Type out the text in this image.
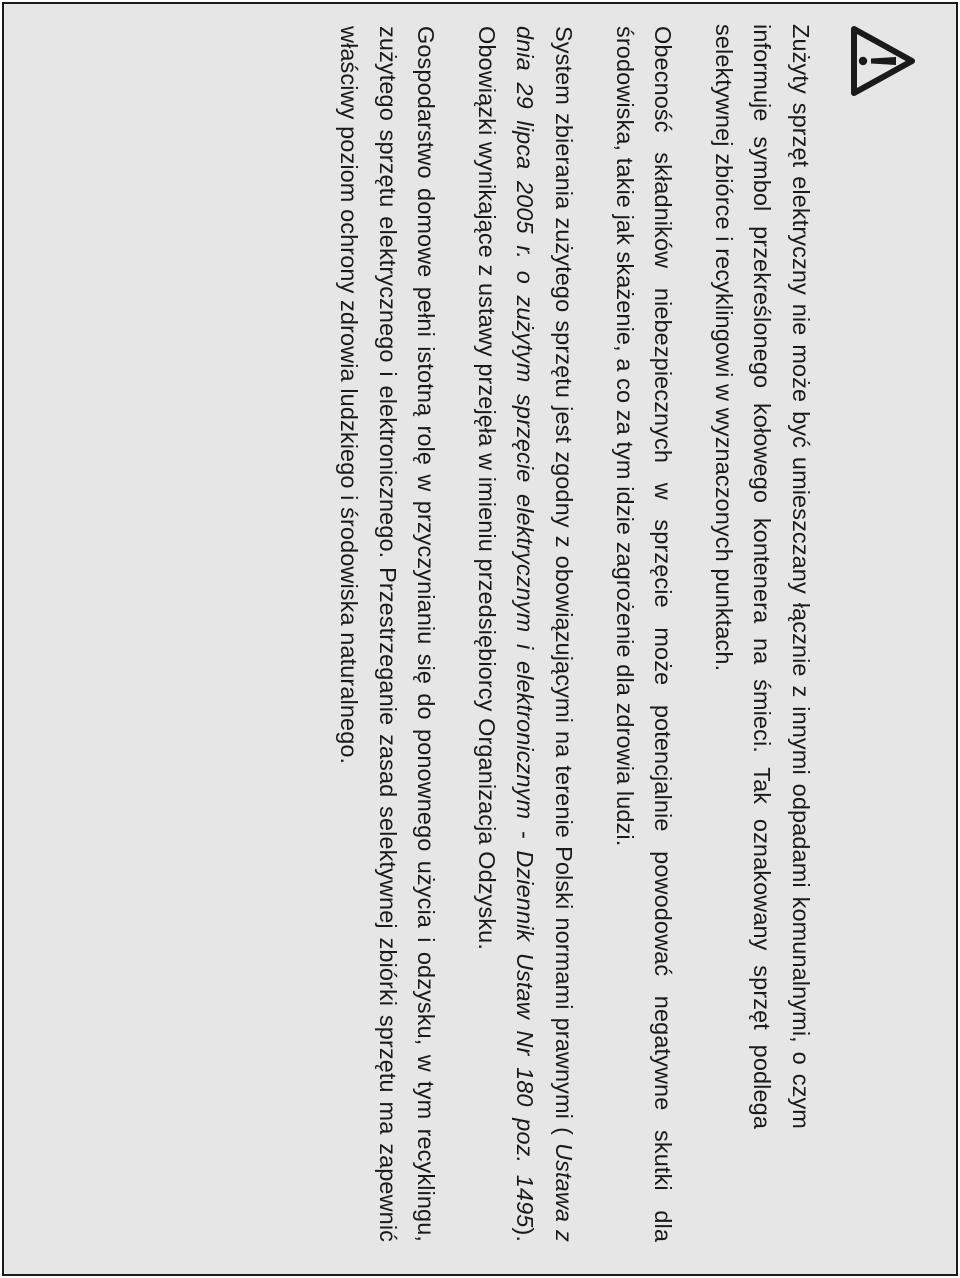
Zużyty sprzęt elektryczny nie może być umieszczany łącznie z innymi odpadami komunalnymi, o czym informuje symbol przekreślonego kołowego kontenera na śmieci. Tak oznakowany sprzęt podlega selektywnej zbiórce i recyklingowi w wyznaczonych punktach.

Obecność składników niebezpiecznych w sprzęcie może potencjalnie powodować negatywne skutki dla środowiska, takie jak skażenie, a co za tym idzie zagrożenie dla zdrowia ludzi.

System zbierania zużytego sprzętu jest zgodny z obowiązującymi na terenie Polski normami prawnymi ( Ustawa z dnia 29 lipca 2005 r. o zużytym sprzęcie elektrycznym i elektronicznym - Dziennik Ustaw Nr 180 poz. 1495). Obowiązki wynikające z ustawy przejęła w imieniu przedsiębiorcy Organizacja Odzysku.

Gospodarstwo domowe pełni istotną rolę w przyczynianiu się do ponownego użycia i odzysku, w tym recyklingu, zużytego sprzętu elektrycznego i elektronicznego. Przestrzeganie zasad selektywnej zbiórki sprzętu ma zapewnić właściwy poziom ochrony zdrowia ludzkiego i środowiska naturalnego.
